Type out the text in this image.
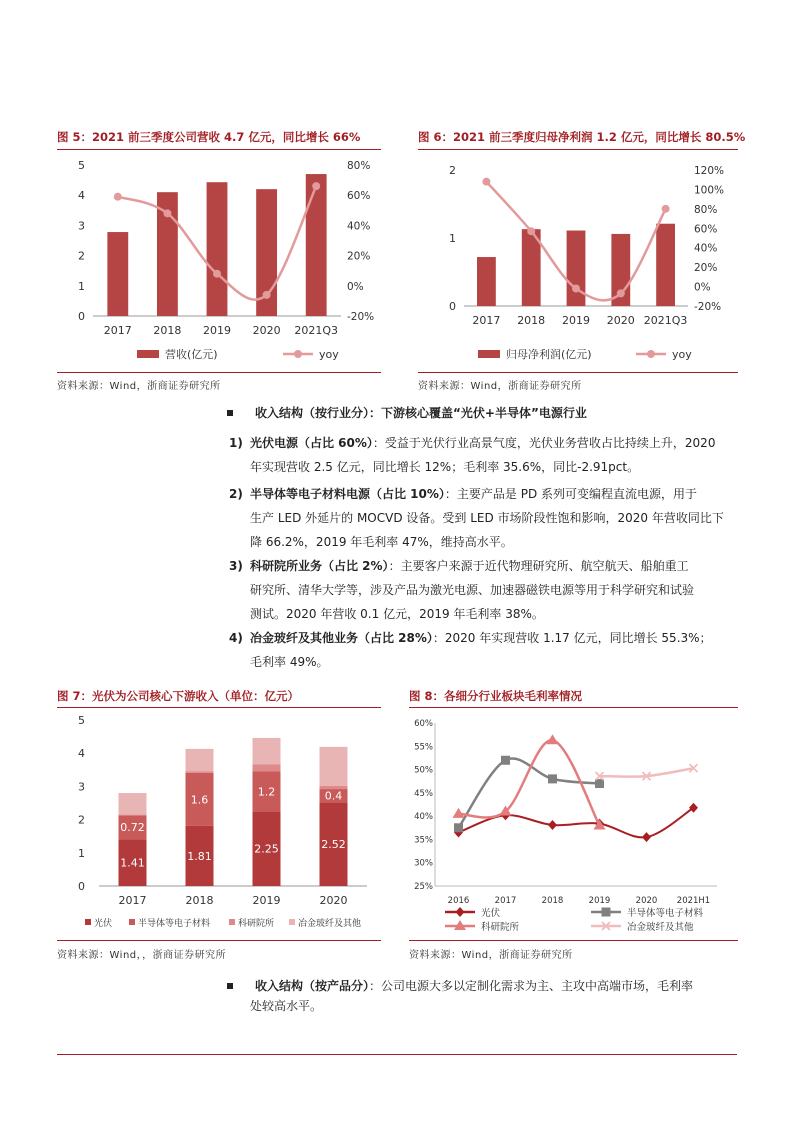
图 5：2021 前三季度公司营收 4.7 亿元，同比增长 66%
0
1
2
3
4
5
-20%
0%
20%
40%
60%
80%
2017 2018 2019 2020 2021Q3
营收(亿元)	yoy
资料来源：Wind，浙商证券研究所
图 6：2021 前三季度归母净利润 1.2 亿元，同比增长 80.5%
0
1
2
-20%
0%
20%
40%
60%
80%
100%
120%
2017 2018 2019 2020 2021Q3
归母净利润(亿元)	yoy
资料来源：Wind，浙商证券研究所
收入结构（按行业分）：下游核心覆盖“光伏+半导体”电源行业
1) 光伏电源（占比 60%）：受益于光伏行业高景气度，光伏业务营收占比持续上升，2020
年实现营收 2.5 亿元，同比增长 12%；毛利率 35.6%，同比-2.91pct。
2) 半导体等电子材料电源（占比 10%）：主要产品是 PD 系列可变编程直流电源，用于
生产 LED 外延片的 MOCVD 设备。受到 LED 市场阶段性饱和影响，2020 年营收同比下
降 66.2%，2019 年毛利率 47%，维持高水平。
3) 科研院所业务（占比 2%）：主要客户来源于近代物理研究所、航空航天、船舶重工
研究所、清华大学等，涉及产品为激光电源、加速器磁铁电源等用于科学研究和试验
测试。2020 年营收 0.1 亿元，2019 年毛利率 38%。
4) 冶金玻纤及其他业务（占比 28%）：2020 年实现营收 1.17 亿元，同比增长 55.3%；
毛利率 49%。
图 7：光伏为公司核心下游收入（单位：亿元）
0
1
2
3
4
5
1.41
0.72
2017
1.81
1.6
2018
2.25
1.2
2019
2.52
0.4
2020
光伏	半导体等电子材料	科研院所	冶金玻纤及其他
资料来源：Wind，，浙商证券研究所
图 8：各细分行业板块毛利率情况
25%
30%
35%
40%
45%
50%
55%
60%
2016	2017	2018	2019	2020 2021H1
光伏	半导体等电子材料
科研院所	冶金玻纤及其他
资料来源：Wind，浙商证券研究所
收入结构（按产品分）：公司电源大多以定制化需求为主、主攻中高端市场，毛利率
处较高水平。
